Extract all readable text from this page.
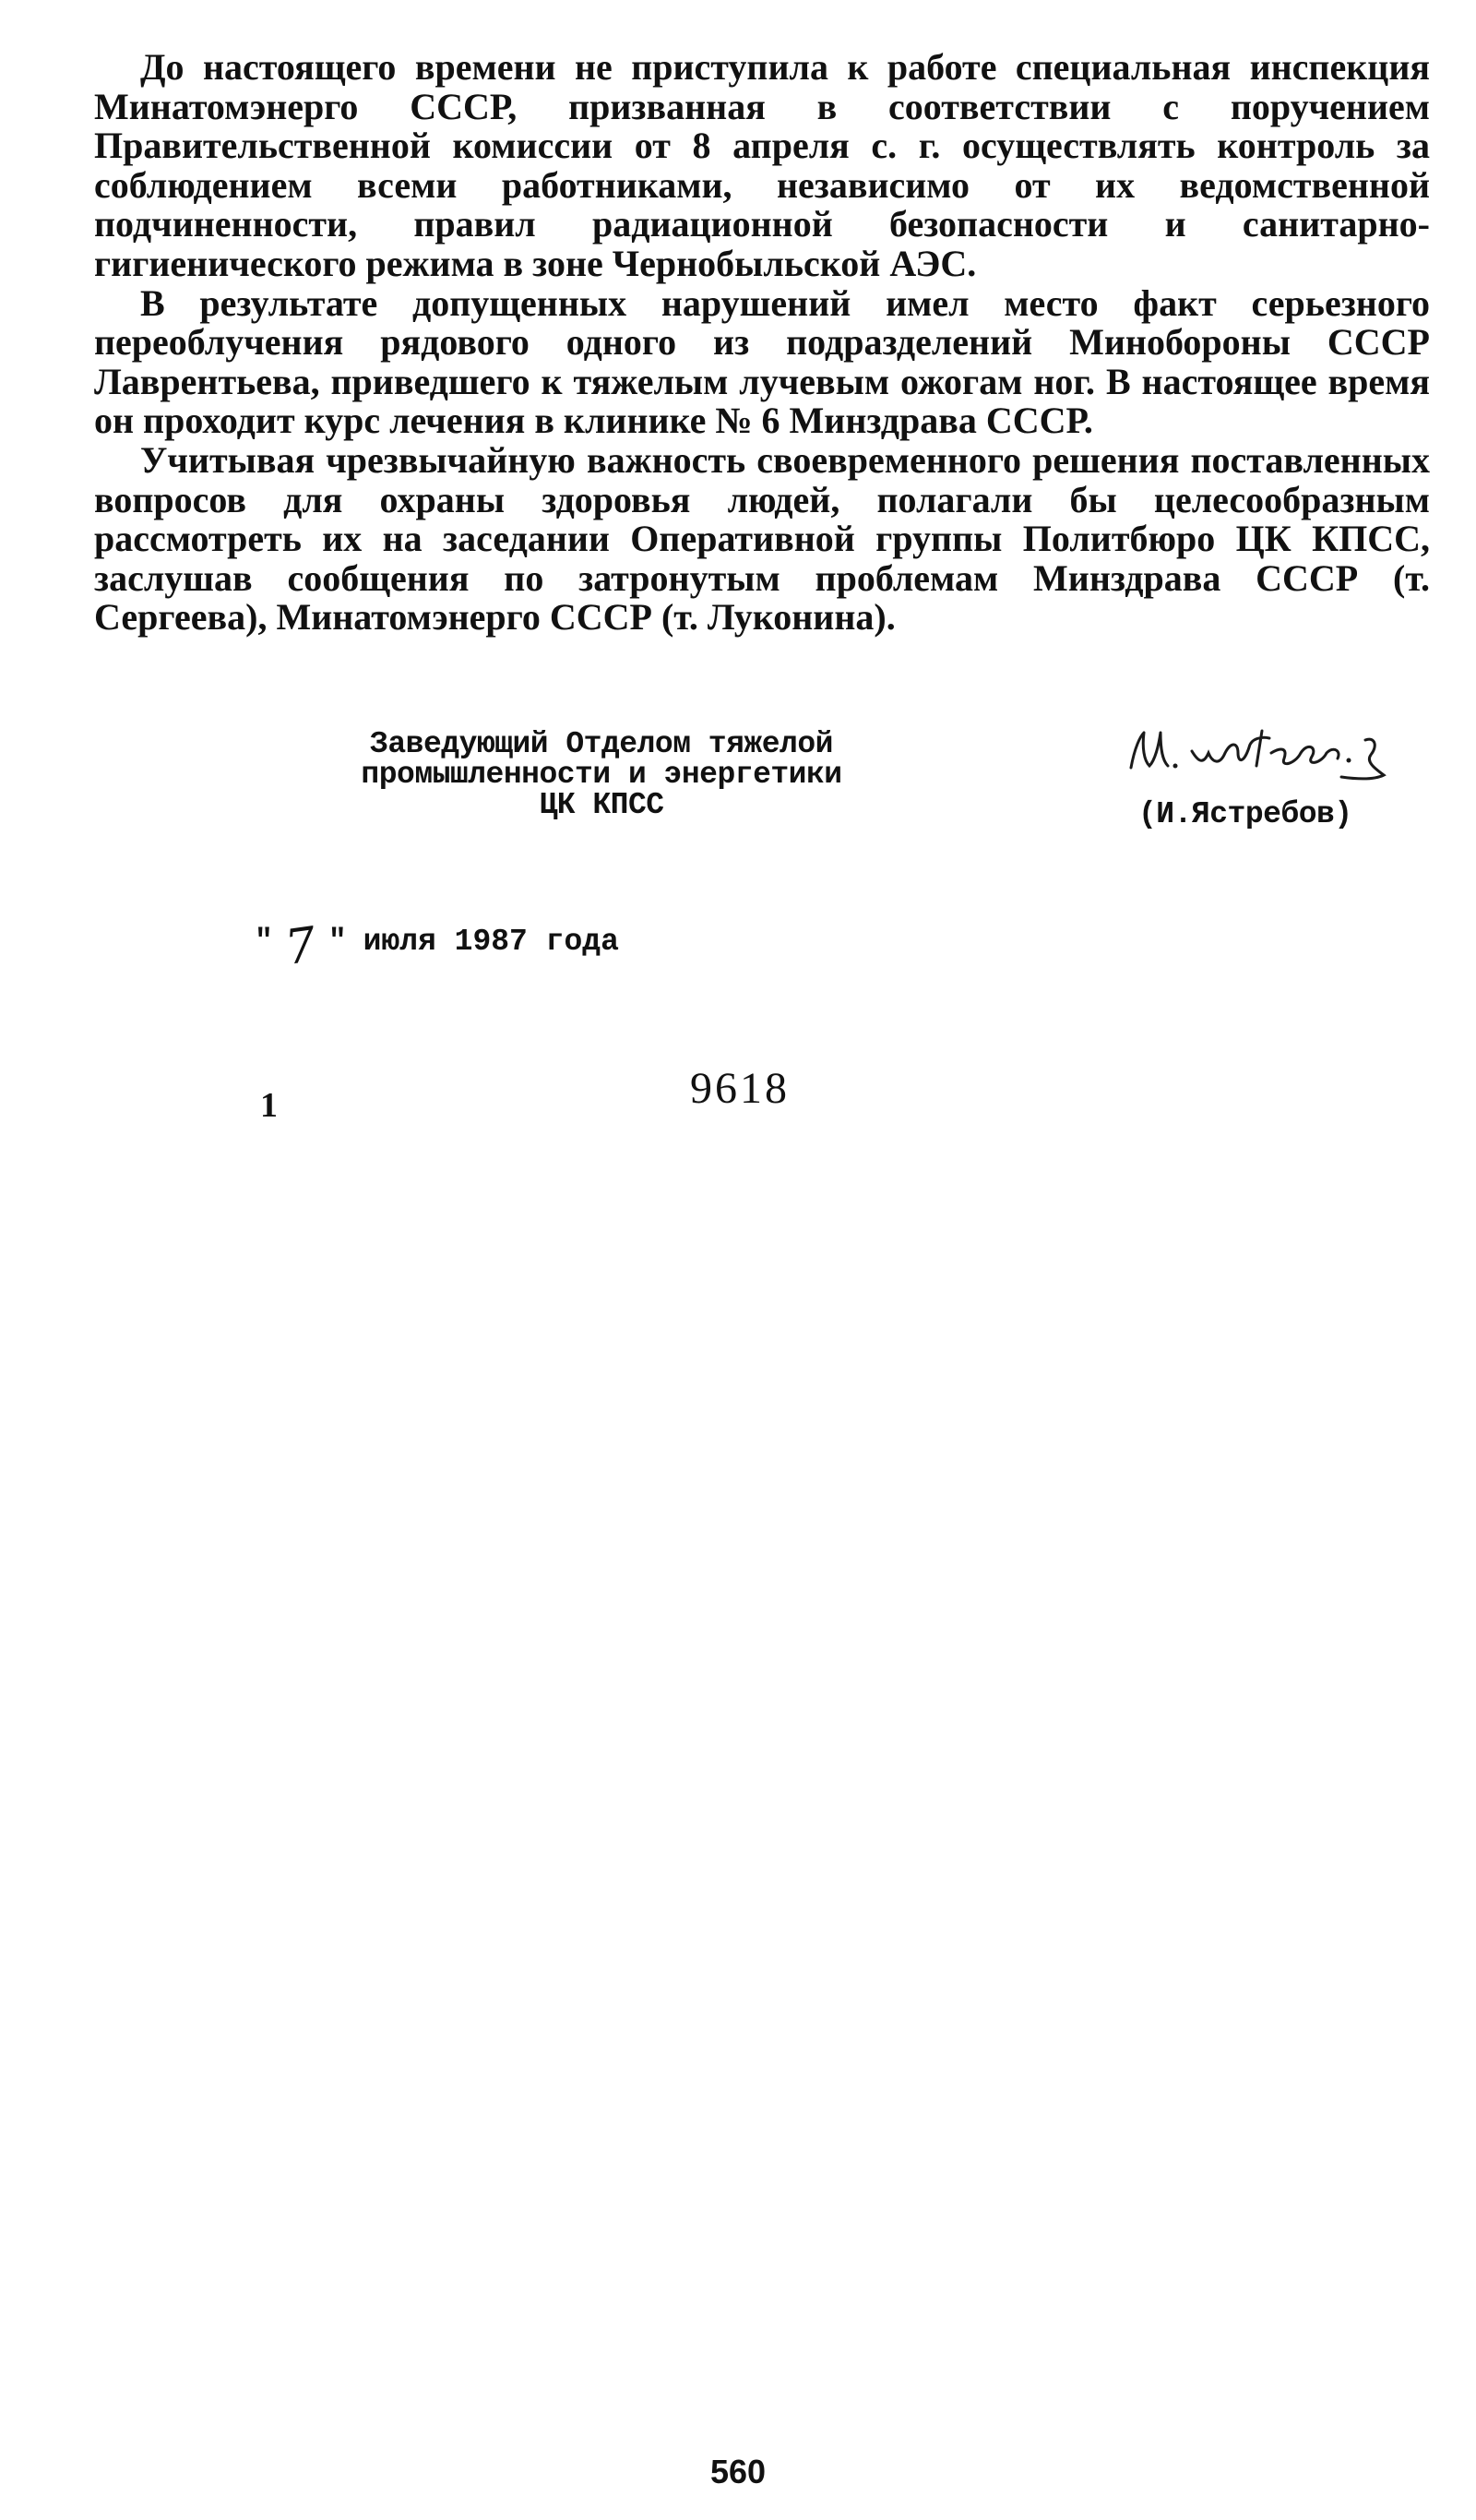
До настоящего времени не приступила к работе специальная инспекция Минатомэнерго СССР, призванная в соответствии с поручением Правительственной комиссии от 8 апреля с. г. осуществлять контроль за соблюдением всеми работниками, независимо от их ведомственной подчиненности, правил радиационной безопасности и санитарно-гигиенического режима в зоне Чернобыльской АЭС.

В результате допущенных нарушений имел место факт серьезного переоблучения рядового одного из подразделений Минобороны СССР Лаврентьева, приведшего к тяжелым лучевым ожогам ног. В настоящее время он проходит курс лечения в клинике № 6 Минздрава СССР.

Учитывая чрезвычайную важность своевременного решения поставленных вопросов для охраны здоровья людей, полагали бы целесообразным рассмотреть их на заседании Оперативной группы Политбюро ЦК КПСС, заслушав сообщения по затронутым проблемам Минздрава СССР (т. Сергеева), Минатомэнерго СССР (т. Луконина).

Заведующий Отделом тяжелой
промышленности и энергетики
ЦК КПСС	(И.Ястребов)
" 7 " июля 1987 года
1	9618
560
